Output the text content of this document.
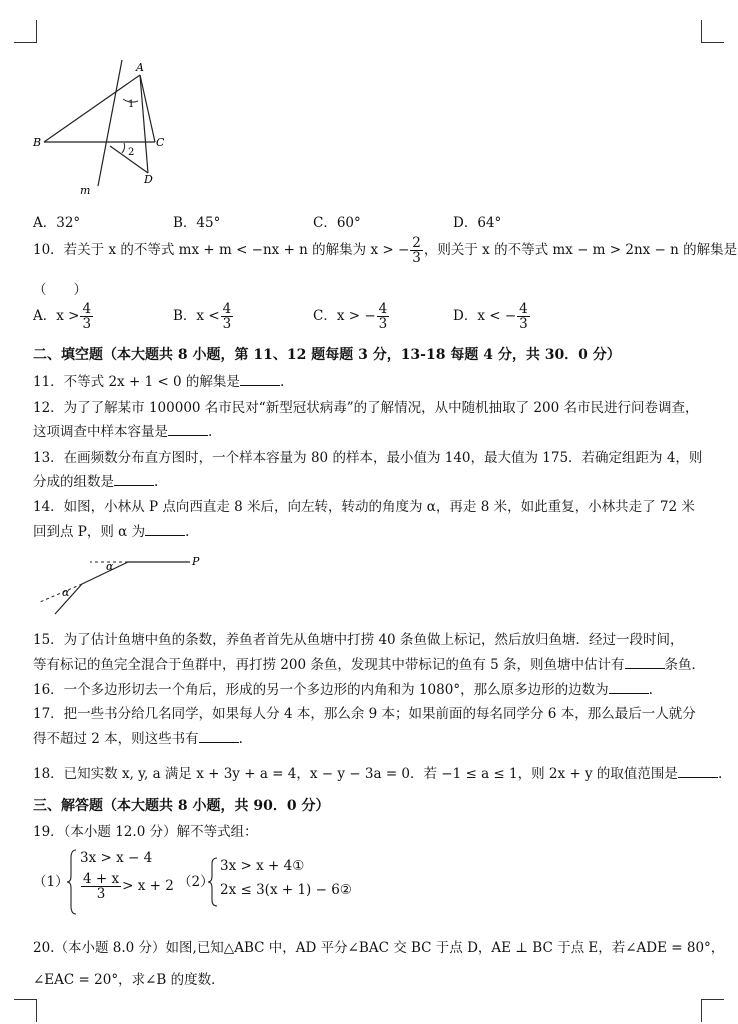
A
B	C
D
m
1
2
A．32°	B．45°	C．60°	D．64°
10．若关于 x 的不等式 mx + m < −nx + n 的解集为 x > − $\frac{2}{3}$ ，则关于 x 的不等式 mx − m > 2nx − n 的解集是
（　　）
A．$x > \frac{4}{3}$	B．$x < \frac{4}{3}$	C．x > − $\frac{4}{3}$	D．x < − $\frac{4}{3}$
二、填空题（本大题共 8 小题，第 11、12 题每题 3 分，13-18 每题 4 分，共 30．0 分）
11．不等式 2x + 1 < 0 的解集是	.
12．为了了解某市 100000 名市民对“新型冠状病毒”的了解情况，从中随机抽取了 200 名市民进行问卷调查，
这项调查中样本容量是	.
13．在画频数分布直方图时，一个样本容量为 80 的样本，最小值为 140，最大值为 175．若确定组距为 4，则
分成的组数是	.
14．如图，小林从 P 点向西直走 8 米后，向左转，转动的角度为 α，再走 8 米，如此重复，小林共走了 72 米
回到点 P，则 α 为	.
P
α
α
15．为了估计鱼塘中鱼的条数，养鱼者首先从鱼塘中打捞 40 条鱼做上标记，然后放归鱼塘．经过一段时间，
等有标记的鱼完全混合于鱼群中，再打捞 200 条鱼，发现其中带标记的鱼有 5 条，则鱼塘中估计有	条鱼．
16．一个多边形切去一个角后，形成的另一个多边形的内角和为 1080°，那么原多边形的边数为	.
17．把一些书分给几名同学，如果每人分 4 本，那么余 9 本；如果前面的每名同学分 6 本，那么最后一人就分
得不超过 2 本，则这些书有	.
18．已知实数 x, y, a 满足 x + 3y + a = 4，x − y − 3a = 0．若 −1 ≤ a ≤ 1，则 2x + y 的取值范围是	.
三、解答题（本大题共 8 小题，共 90．0 分）
19．（本小题 12.0 分）解不等式组：
（1）
3x > x − 4
$\frac{4 + x}{3} > x + 2$ （2）
3x > x + 4①
2x ≤ 3(x + 1) − 6②
20.（本小题 8.0 分）如图,已知△ABC 中，AD 平分∠BAC 交 BC 于点 D，AE ⊥ BC 于点 E，若∠ADE = 80°，
∠EAC = 20°，求∠B 的度数．
